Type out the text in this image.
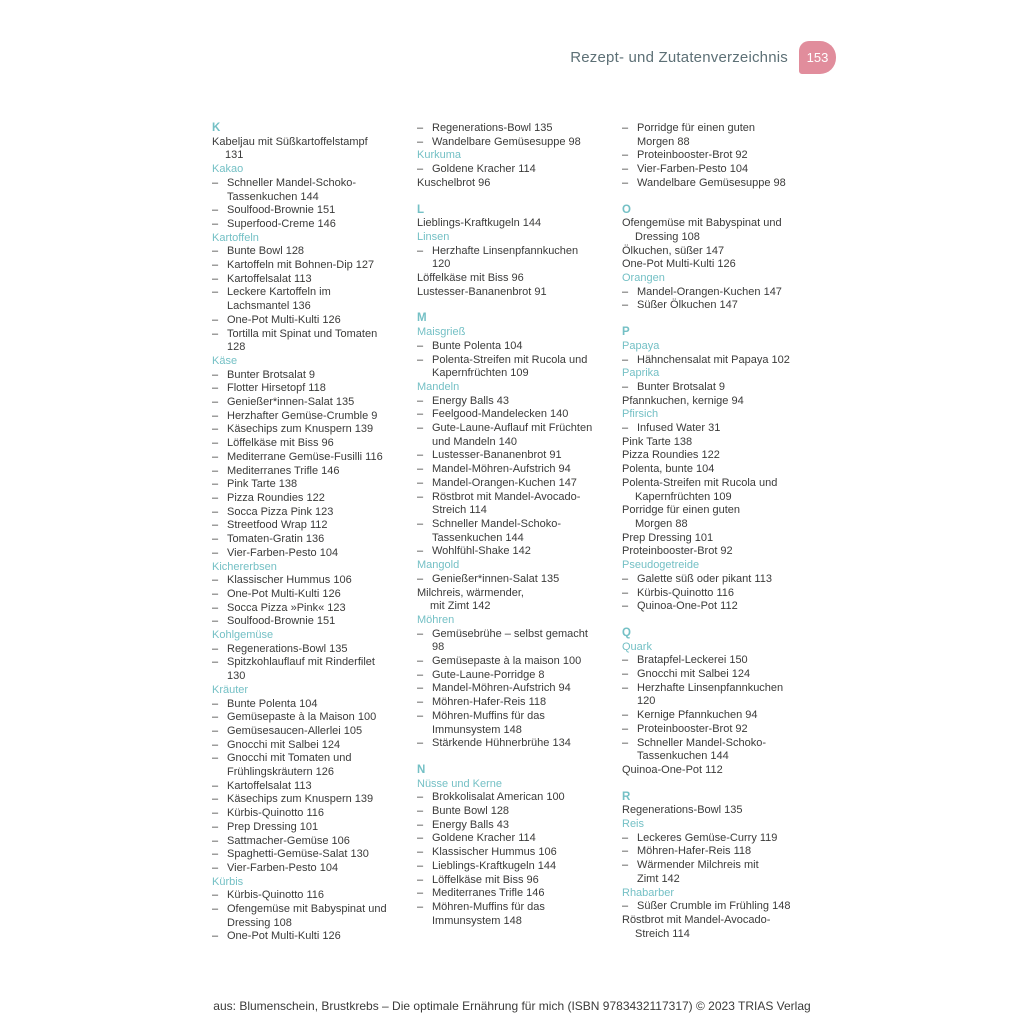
Rezept- und Zutatenverzeichnis 153
K
Kabeljau mit Süßkartoffelstampf
131
Kakao
– Schneller Mandel-Schoko-
Tassenkuchen 144
– Soulfood-Brownie 151
– Superfood-Creme 146
Kartoffeln
– Bunte Bowl 128
– Kartoffeln mit Bohnen-Dip 127
– Kartoffelsalat 113
– Leckere Kartoffeln im
Lachsmantel 136
– One-Pot Multi-Kulti 126
– Tortilla mit Spinat und Tomaten
128
Käse
– Bunter Brotsalat 9
– Flotter Hirsetopf 118
– Genießer*innen-Salat 135
– Herzhafter Gemüse-Crumble 9
– Käsechips zum Knuspern 139
– Löffelkäse mit Biss 96
– Mediterrane Gemüse-Fusilli 116
– Mediterranes Trifle 146
– Pink Tarte 138
– Pizza Roundies 122
– Socca Pizza Pink 123
– Streetfood Wrap 112
– Tomaten-Gratin 136
– Vier-Farben-Pesto 104
Kichererbsen
– Klassischer Hummus 106
– One-Pot Multi-Kulti 126
– Socca Pizza »Pink« 123
– Soulfood-Brownie 151
Kohlgemüse
– Regenerations-Bowl 135
– Spitzkohlauflauf mit Rinderfilet
130
Kräuter
– Bunte Polenta 104
– Gemüsepaste à la Maison 100
– Gemüsesaucen-Allerlei 105
– Gnocchi mit Salbei 124
– Gnocchi mit Tomaten und
Frühlingskräutern 126
– Kartoffelsalat 113
– Käsechips zum Knuspern 139
– Kürbis-Quinotto 116
– Prep Dressing 101
– Sattmacher-Gemüse 106
– Spaghetti-Gemüse-Salat 130
– Vier-Farben-Pesto 104
Kürbis
– Kürbis-Quinotto 116
– Ofengemüse mit Babyspinat und
Dressing 108
– One-Pot Multi-Kulti 126
– Regenerations-Bowl 135
– Wandelbare Gemüsesuppe 98
Kurkuma
– Goldene Kracher 114
Kuschelbrot 96
L
Lieblings-Kraftkugeln 144
Linsen
– Herzhafte Linsenpfannkuchen
120
Löffelkäse mit Biss 96
Lustesser-Bananenbrot 91
M
Maisgrieß
– Bunte Polenta 104
– Polenta-Streifen mit Rucola und
Kapernfrüchten 109
Mandeln
– Energy Balls 43
– Feelgood-Mandelecken 140
– Gute-Laune-Auflauf mit Früchten
und Mandeln 140
– Lustesser-Bananenbrot 91
– Mandel-Möhren-Aufstrich 94
– Mandel-Orangen-Kuchen 147
– Röstbrot mit Mandel-Avocado-
Streich 114
– Schneller Mandel-Schoko-
Tassenkuchen 144
– Wohlfühl-Shake 142
Mangold
– Genießer*innen-Salat 135
Milchreis, wärmender,
mit Zimt 142
Möhren
– Gemüsebrühe – selbst gemacht
98
– Gemüsepaste à la maison 100
– Gute-Laune-Porridge 8
– Mandel-Möhren-Aufstrich 94
– Möhren-Hafer-Reis 118
– Möhren-Muffins für das
Immunsystem 148
– Stärkende Hühnerbrühe 134
N
Nüsse und Kerne
– Brokkolisalat American 100
– Bunte Bowl 128
– Energy Balls 43
– Goldene Kracher 114
– Klassischer Hummus 106
– Lieblings-Kraftkugeln 144
– Löffelkäse mit Biss 96
– Mediterranes Trifle 146
– Möhren-Muffins für das
Immunsystem 148
– Porridge für einen guten
Morgen 88
– Proteinbooster-Brot 92
– Vier-Farben-Pesto 104
– Wandelbare Gemüsesuppe 98
O
Ofengemüse mit Babyspinat und
Dressing 108
Ölkuchen, süßer 147
One-Pot Multi-Kulti 126
Orangen
– Mandel-Orangen-Kuchen 147
– Süßer Ölkuchen 147
P
Papaya
– Hähnchensalat mit Papaya 102
Paprika
– Bunter Brotsalat 9
Pfannkuchen, kernige 94
Pfirsich
– Infused Water 31
Pink Tarte 138
Pizza Roundies 122
Polenta, bunte 104
Polenta-Streifen mit Rucola und
Kapernfrüchten 109
Porridge für einen guten
Morgen 88
Prep Dressing 101
Proteinbooster-Brot 92
Pseudogetreide
– Galette süß oder pikant 113
– Kürbis-Quinotto 116
– Quinoa-One-Pot 112
Q
Quark
– Bratapfel-Leckerei 150
– Gnocchi mit Salbei 124
– Herzhafte Linsenpfannkuchen
120
– Kernige Pfannkuchen 94
– Proteinbooster-Brot 92
– Schneller Mandel-Schoko-
Tassenkuchen 144
Quinoa-One-Pot 112
R
Regenerations-Bowl 135
Reis
– Leckeres Gemüse-Curry 119
– Möhren-Hafer-Reis 118
– Wärmender Milchreis mit
Zimt 142
Rhabarber
– Süßer Crumble im Frühling 148
Röstbrot mit Mandel-Avocado-
Streich 114
aus: Blumenschein, Brustkrebs – Die optimale Ernährung für mich (ISBN 9783432117317) © 2023 TRIAS Verlag
